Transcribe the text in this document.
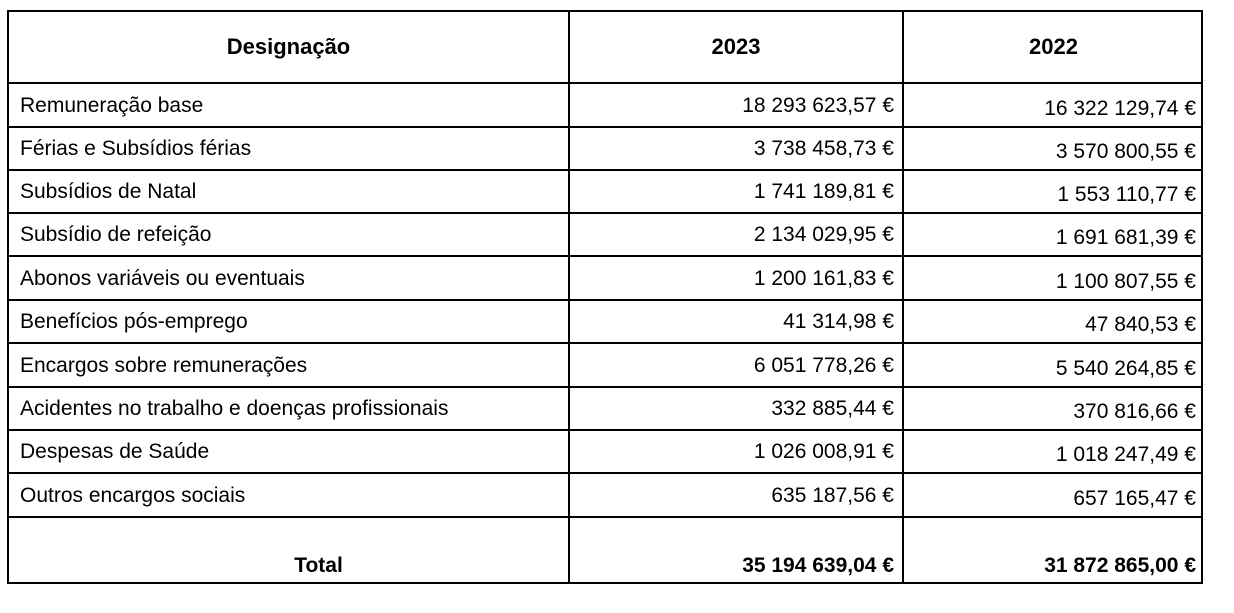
Designação	2023	2022
Remuneração base	18 293 623,57 €	16 322 129,74 €
Férias e Subsídios férias	3 738 458,73 €	3 570 800,55 €
Subsídios de Natal	1 741 189,81 €	1 553 110,77 €
Subsídio de refeição	2 134 029,95 €	1 691 681,39 €
Abonos variáveis ou eventuais	1 200 161,83 €	1 100 807,55 €
Benefícios pós-emprego	41 314,98 €	47 840,53 €
Encargos sobre remunerações	6 051 778,26 €	5 540 264,85 €
Acidentes no trabalho e doenças profissionais	332 885,44 €	370 816,66 €
Despesas de Saúde	1 026 008,91 €	1 018 247,49 €
Outros encargos sociais	635 187,56 €	657 165,47 €
Total	35 194 639,04 €	31 872 865,00 €
